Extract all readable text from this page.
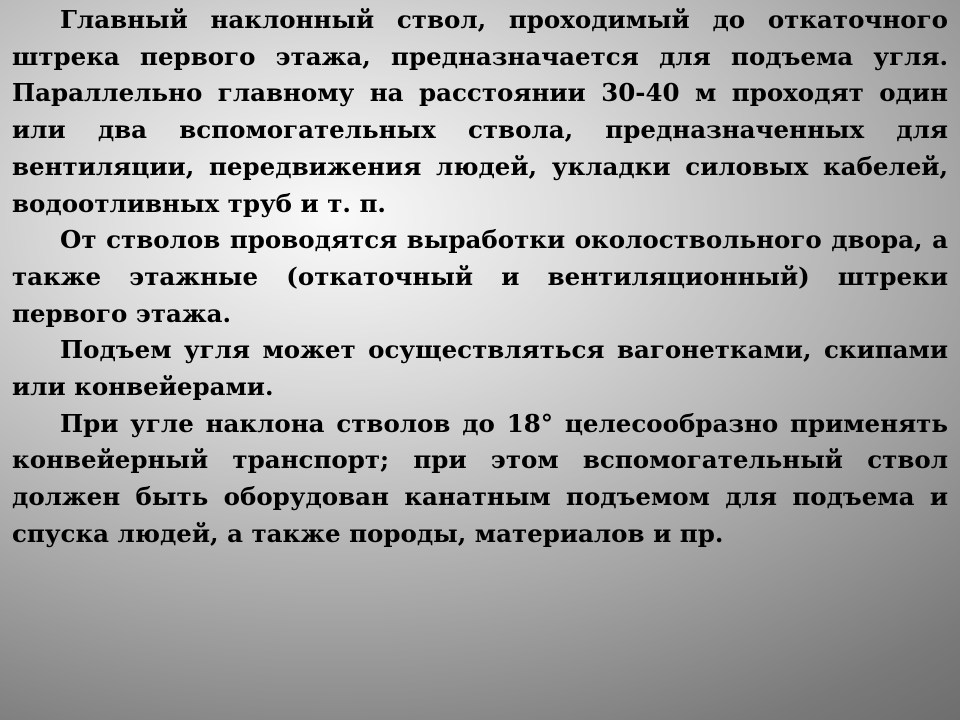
Главный наклонный ствол, проходимый до откаточного штрека первого этажа, предназначается для подъема угля. Параллельно главному на расстоянии 30-40 м проходят один или два вспомогательных ствола, предназначенных для вентиляции, передвижения людей, укладки силовых кабелей, водоотливных труб и т. п.

От стволов проводятся выработки околоствольного двора, а также этажные (откаточный и вентиляционный) штреки первого этажа.

Подъем угля может осуществляться вагонетками, скипами или конвейерами.

При угле наклона стволов до 18° целесообразно применять конвейерный транспорт; при этом вспомогательный ствол должен быть оборудован канатным подъемом для подъема и спуска людей, а также породы, материалов и пр.
